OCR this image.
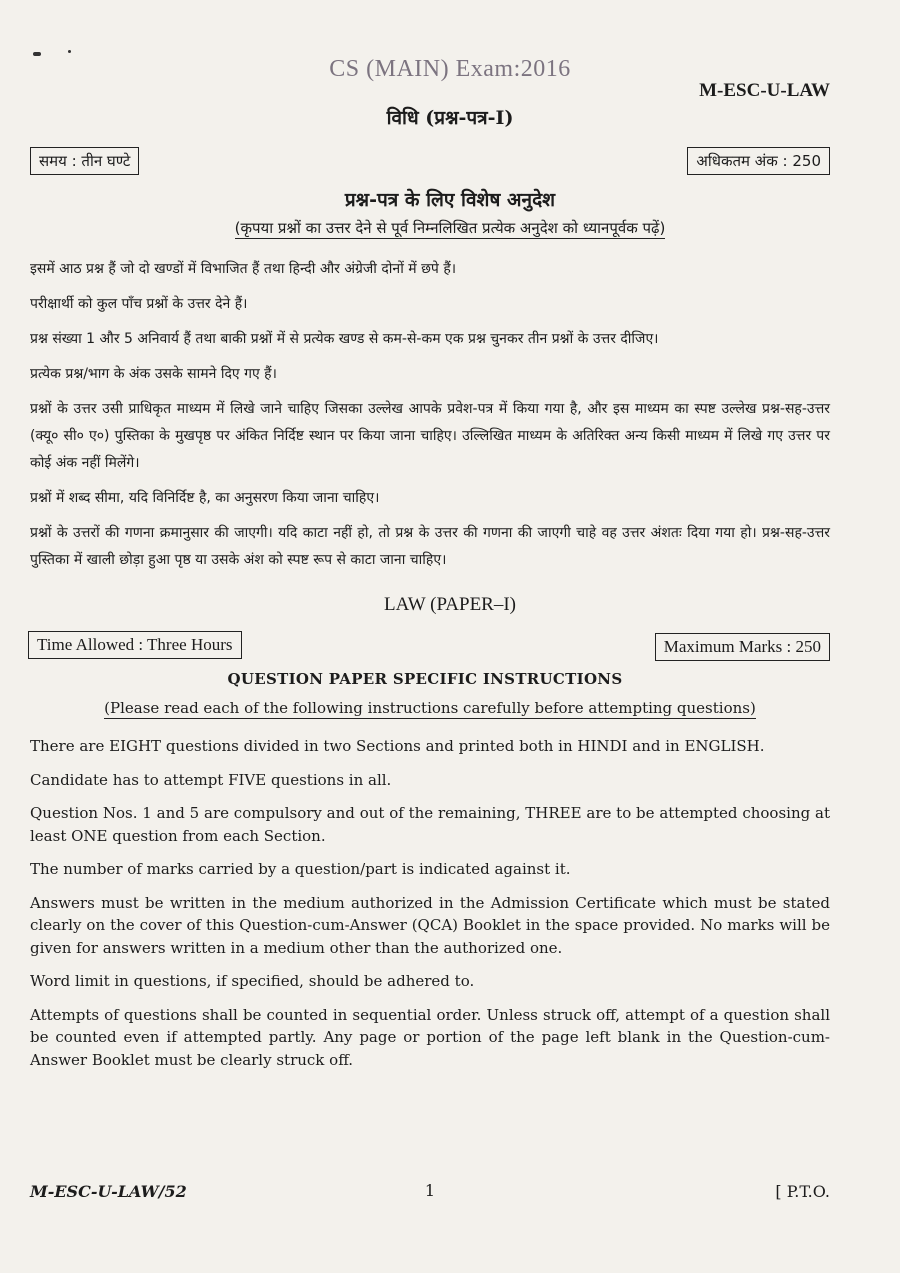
CS (MAIN) Exam:2016
M-ESC-U-LAW
विधि (प्रश्न-पत्र-I)
समय : तीन घण्टे	अधिकतम अंक : 250
प्रश्न-पत्र के लिए विशेष अनुदेश
(कृपया प्रश्नों का उत्तर देने से पूर्व निम्नलिखित प्रत्येक अनुदेश को ध्यानपूर्वक पढ़ें)

इसमें आठ प्रश्न हैं जो दो खण्डों में विभाजित हैं तथा हिन्दी और अंग्रेजी दोनों में छपे हैं।

परीक्षार्थी को कुल पाँच प्रश्नों के उत्तर देने हैं।

प्रश्न संख्या 1 और 5 अनिवार्य हैं तथा बाकी प्रश्नों में से प्रत्येक खण्ड से कम-से-कम एक प्रश्न चुनकर तीन प्रश्नों के उत्तर दीजिए।

प्रत्येक प्रश्न/भाग के अंक उसके सामने दिए गए हैं।

प्रश्नों के उत्तर उसी प्राधिकृत माध्यम में लिखे जाने चाहिए जिसका उल्लेख आपके प्रवेश-पत्र में किया गया है, और इस माध्यम का स्पष्ट उल्लेख प्रश्न-सह-उत्तर (क्यू० सी० ए०) पुस्तिका के मुखपृष्ठ पर अंकित निर्दिष्ट स्थान पर किया जाना चाहिए। उल्लिखित माध्यम के अतिरिक्त अन्य किसी माध्यम में लिखे गए उत्तर पर कोई अंक नहीं मिलेंगे।

प्रश्नों में शब्द सीमा, यदि विनिर्दिष्ट है, का अनुसरण किया जाना चाहिए।

प्रश्नों के उत्तरों की गणना क्रमानुसार की जाएगी। यदि काटा नहीं हो, तो प्रश्न के उत्तर की गणना की जाएगी चाहे वह उत्तर अंशतः दिया गया हो। प्रश्न-सह-उत्तर पुस्तिका में खाली छोड़ा हुआ पृष्ठ या उसके अंश को स्पष्ट रूप से काटा जाना चाहिए।

LAW (PAPER–I)
Time Allowed : Three Hours	Maximum Marks : 250
QUESTION PAPER SPECIFIC INSTRUCTIONS
(Please read each of the following instructions carefully before attempting questions)

There are EIGHT questions divided in two Sections and printed both in HINDI and in ENGLISH.

Candidate has to attempt FIVE questions in all.

Question Nos. 1 and 5 are compulsory and out of the remaining, THREE are to be attempted choosing at least ONE question from each Section.

The number of marks carried by a question/part is indicated against it.

Answers must be written in the medium authorized in the Admission Certificate which must be stated clearly on the cover of this Question-cum-Answer (QCA) Booklet in the space provided. No marks will be given for answers written in a medium other than the authorized one.

Word limit in questions, if specified, should be adhered to.

Attempts of questions shall be counted in sequential order. Unless struck off, attempt of a question shall be counted even if attempted partly. Any page or portion of the page left blank in the Question-cum-Answer Booklet must be clearly struck off.

M-ESC-U-LAW/52	1	[ P.T.O.
